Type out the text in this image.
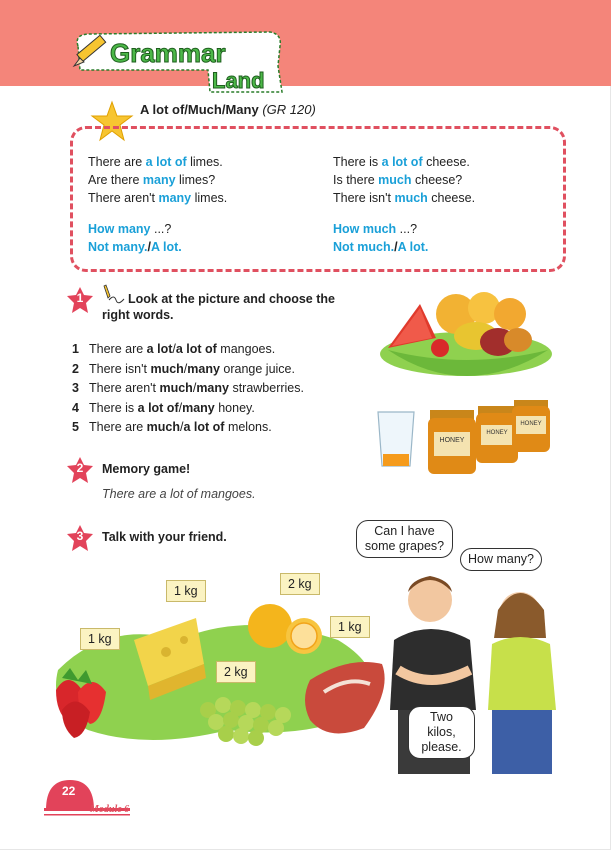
Grammar
Land
A lot of/Much/Many (GR 120)
There are a lot of limes.
Are there many limes?
There aren't many limes.
How many ...?
Not many./A lot.
There is a lot of cheese.
Is there much cheese?
There isn't much cheese.
How much ...?
Not much./A lot.
1	Look at the picture and choose the
right words.
1 There are a lot/a lot of mangoes.
2 There isn't much/many orange juice.
3 There aren't much/many strawberries.
4 There is a lot of/many honey.
5 There are much/a lot of melons.
HONEY
HONEY
HONEY
2	Memory game!
There are a lot of mangoes.
3	Talk with your friend.
1 kg
1 kg	2 kg
2 kg
1 kg
Can I have
some grapes?
How many?
Two kilos,
please.
22
Module 6
